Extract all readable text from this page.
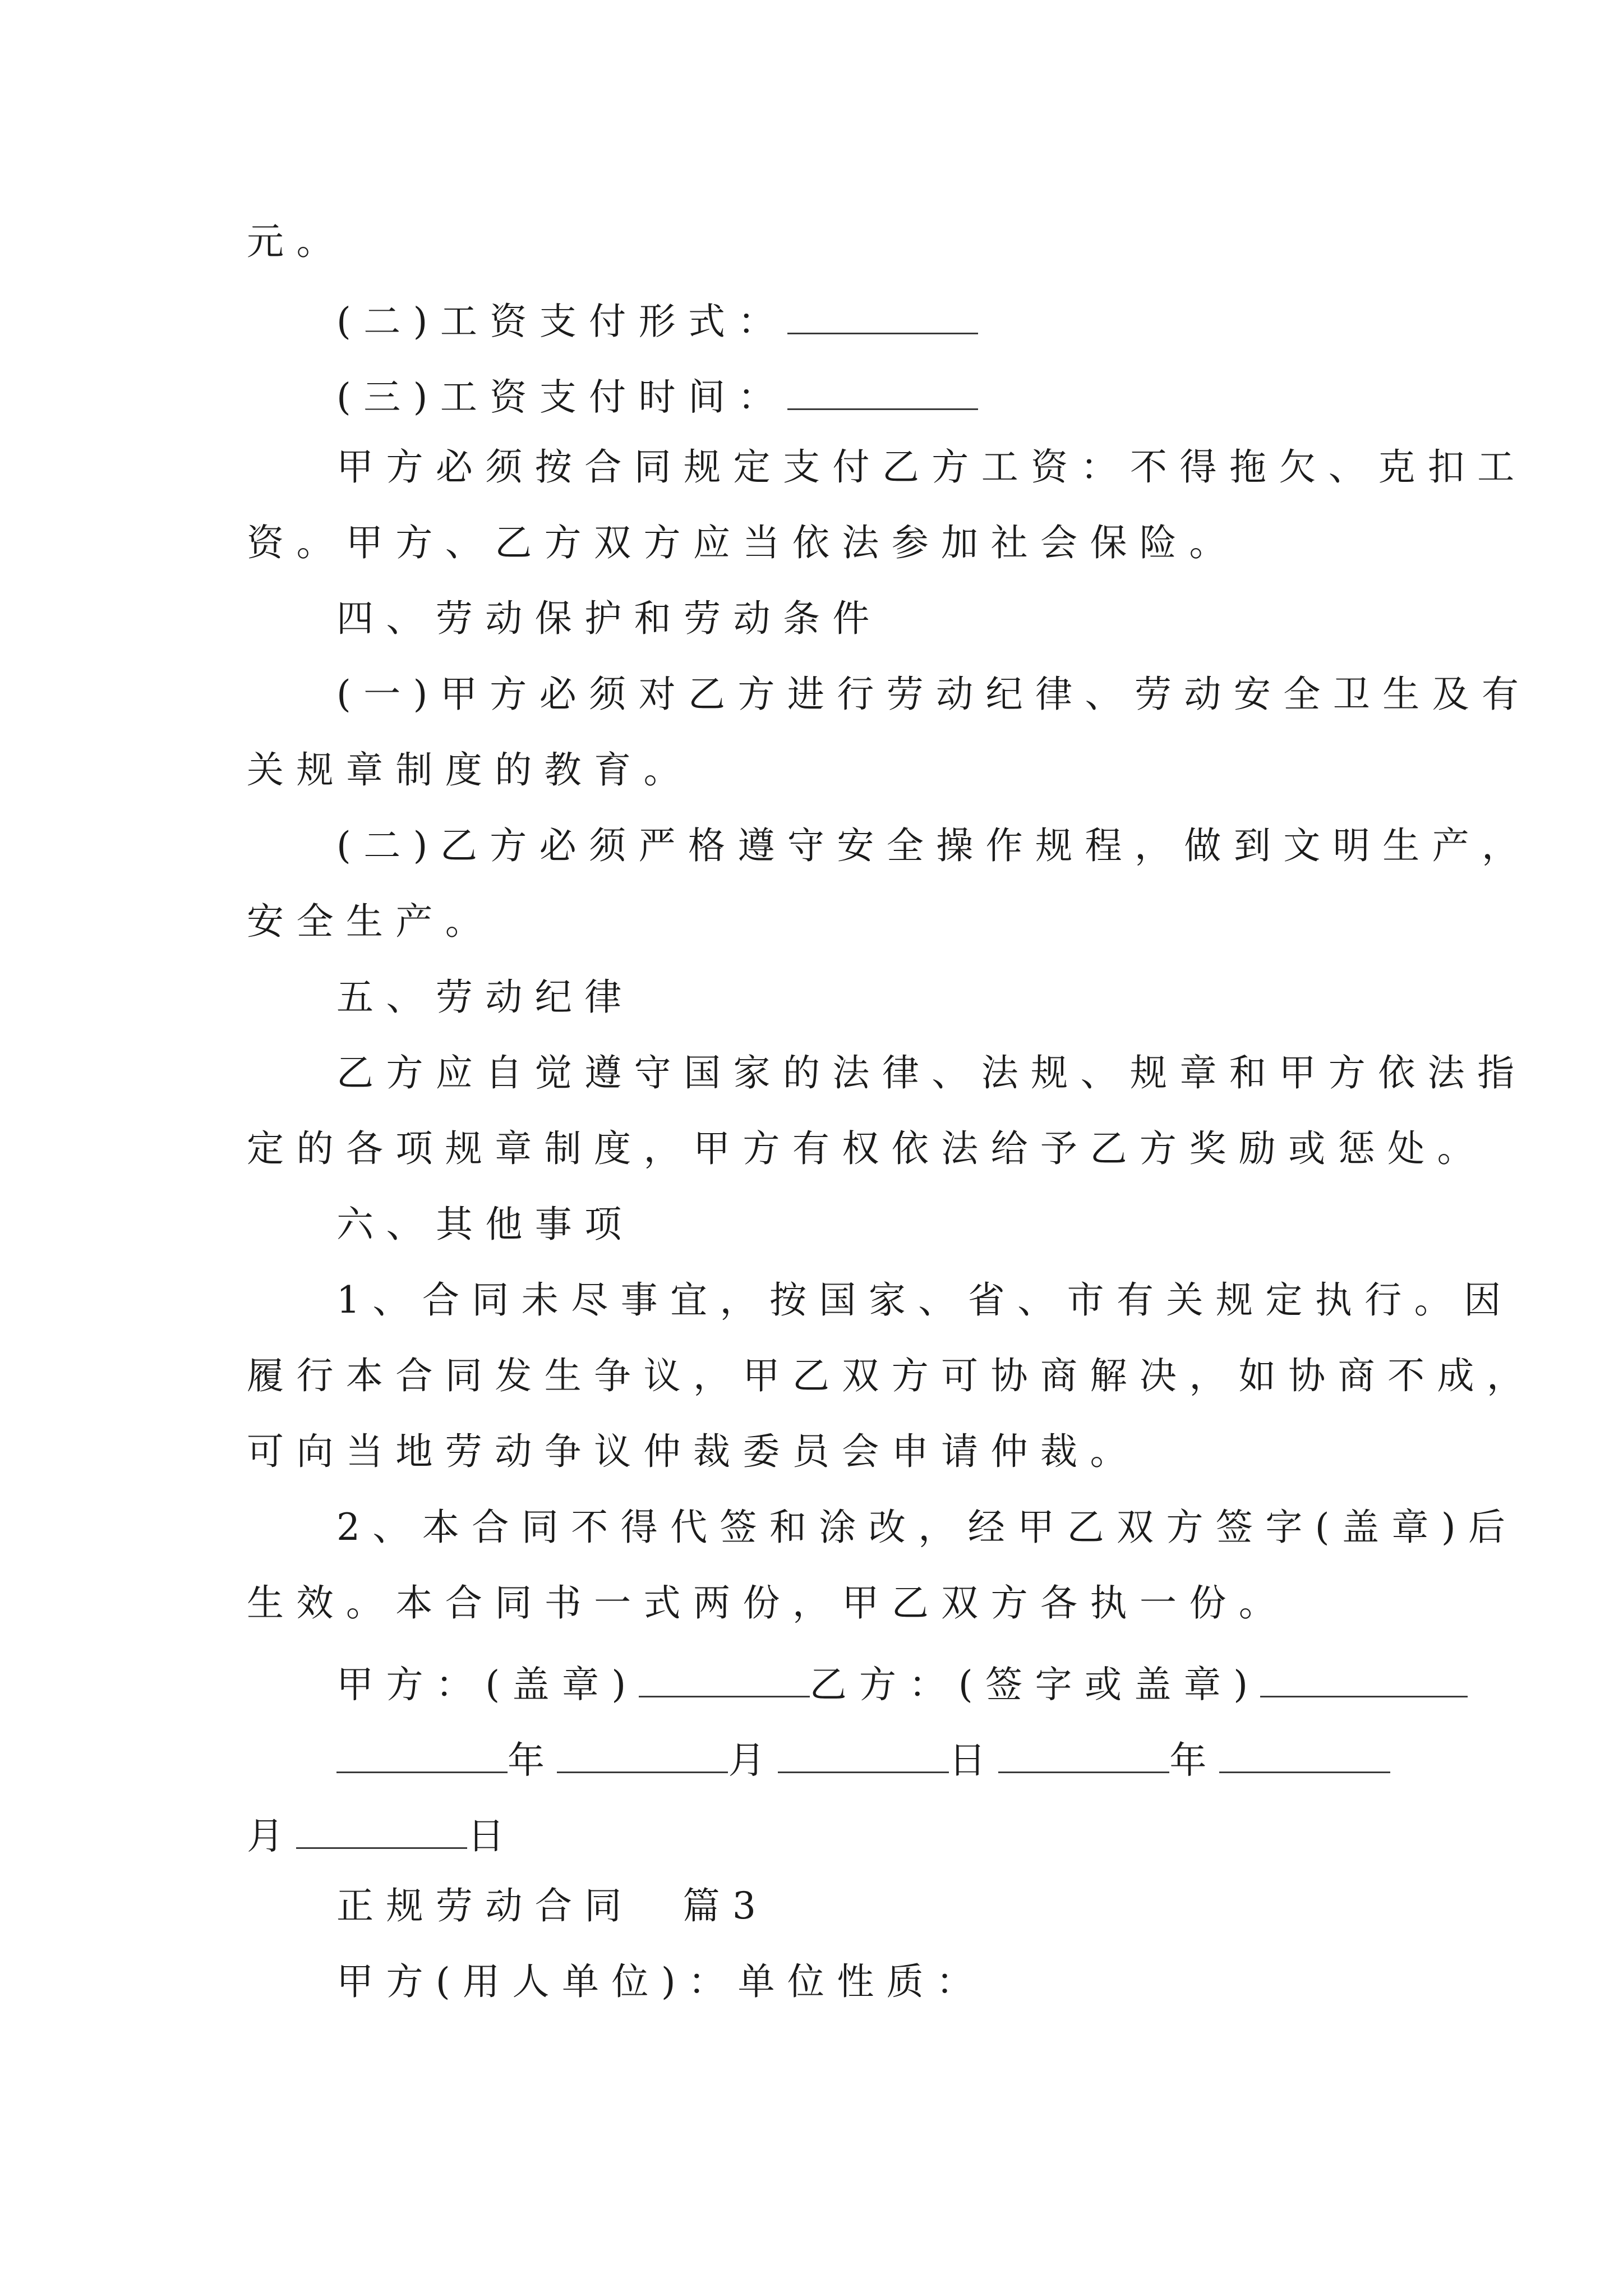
元。
(二)工资支付形式：
(三)工资支付时间：
甲方必须按合同规定支付乙方工资：不得拖欠、克扣工
资。甲方、乙方双方应当依法参加社会保险。
四、劳动保护和劳动条件
(一)甲方必须对乙方进行劳动纪律、劳动安全卫生及有
关规章制度的教育。
(二)乙方必须严格遵守安全操作规程，做到文明生产，
安全生产。
五、劳动纪律
乙方应自觉遵守国家的法律、法规、规章和甲方依法指
定的各项规章制度，甲方有权依法给予乙方奖励或惩处。
六、其他事项
1、合同未尽事宜，按国家、省、市有关规定执行。因
履行本合同发生争议，甲乙双方可协商解决，如协商不成，
可向当地劳动争议仲裁委员会申请仲裁。
2、本合同不得代签和涂改，经甲乙双方签字(盖章)后
生效。本合同书一式两份，甲乙双方各执一份。
甲方：(盖章)	乙方：(签字或盖章)
年	月	日	年
月	日
正规劳动合同  篇3
甲方(用人单位)：单位性质：
